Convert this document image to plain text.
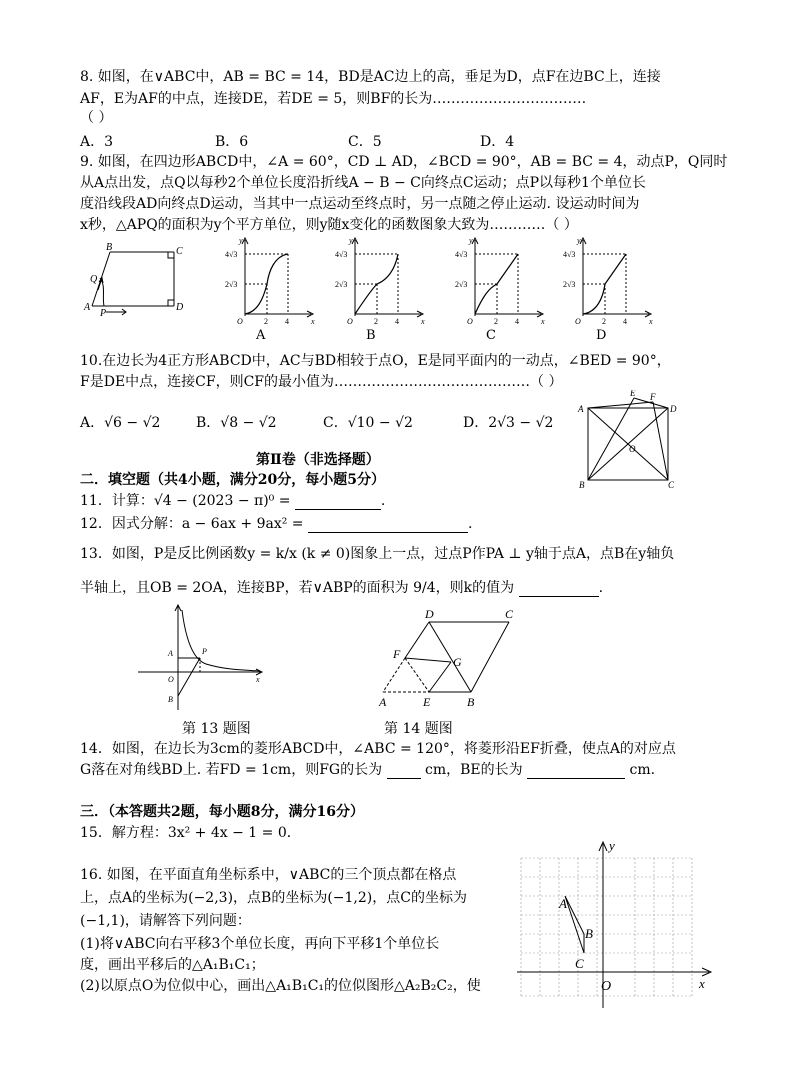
8. 如图，在∨ABC中，AB = BC = 14，BD是AC边上的高，垂足为D，点F在边BC上，连接
AF，E为AF的中点，连接DE，若DE = 5，则BF的长为……………………………
（ ）
A．3	B．6	C．5	D．4
9. 如图，在四边形ABCD中，∠A = 60°，CD ⊥ AD，∠BCD = 90°，AB = BC = 4，动点P，Q同时
从A点出发，点Q以每秒2个单位长度沿折线A − B − C向终点C运动；点P以每秒1个单位长
度沿线段AD向终点D运动，当其中一点运动至终点时，另一点随之停止运动. 设运动时间为
x秒，△APQ的面积为y个平方单位，则y随x变化的函数图象大致为…………（ ）
A
B	C
D
Q
P
y
x
O	2 4
4√3
2√3
y
x
O	2 4
4√3
2√3
y
x
O	2 4
4√3
2√3
y
x
O	2 4
4√3
2√3
A	B	C	D
10.在边长为4正方形ABCD中，AC与BD相较于点O，E是同平面内的一动点，∠BED = 90°，
F是DE中点，连接CF，则CF的最小值为……………………………………（ ）
A．√6 − √2	B．√8 − √2	C．√10 − √2	D．2√3 − √2
A
E F
D
O
B	C
第Ⅱ卷（非选择题）
二．填空题（共4小题，满分20分，每小题5分）
11．计算：√4 − (2023 − π)⁰ =	.
12．因式分解：a − 6ax + 9ax² =	.
13．如图，P是反比例函数y = k/x (k ≠ 0)图象上一点，过点P作PA ⊥ y轴于点A，点B在y轴负
半轴上，且OB = 2OA，连接BP，若∨ABP的面积为 9/4，则k的值为	.
A	P
O
B
x
D	C
F
G
A	E	B
第 13 题图	第 14 题图
14．如图，在边长为3cm的菱形ABCD中，∠ABC = 120°，将菱形沿EF折叠，使点A的对应点
G落在对角线BD上. 若FD = 1cm，则FG的长为	cm，BE的长为	cm.
三．（本答题共2题，每小题8分，满分16分）
15．解方程：3x² + 4x − 1 = 0．
16. 如图，在平面直角坐标系中，∨ABC的三个顶点都在格点
上，点A的坐标为(−2,3)，点B的坐标为(−1,2)，点C的坐标为
(−1,1)，请解答下列问题：
(1)将∨ABC向右平移3个单位长度，再向下平移1个单位长
度，画出平移后的△A₁B₁C₁；
(2)以原点O为位似中心，画出△A₁B₁C₁的位似图形△A₂B₂C₂，使
y
x
O
A
B
C
